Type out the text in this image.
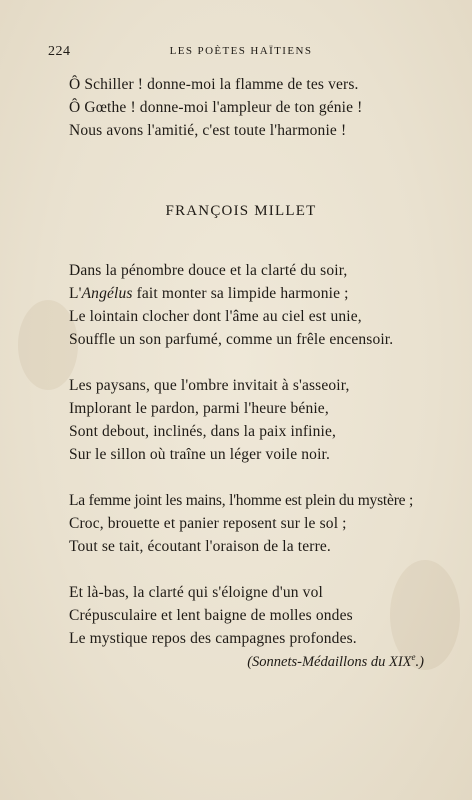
224	LES POÈTES HAÏTIENS
Ô Schiller ! donne-moi la flamme de tes vers.
Ô Gœthe ! donne-moi l'ampleur de ton génie !
Nous avons l'amitié, c'est toute l'harmonie !
FRANÇOIS MILLET
Dans la pénombre douce et la clarté du soir,
L'Angélus fait monter sa limpide harmonie ;
Le lointain clocher dont l'âme au ciel est unie,
Souffle un son parfumé, comme un frêle encensoir.
Les paysans, que l'ombre invitait à s'asseoir,
Implorant le pardon, parmi l'heure bénie,
Sont debout, inclinés, dans la paix infinie,
Sur le sillon où traîne un léger voile noir.
La femme joint les mains, l'homme est plein du mystère ;
Croc, brouette et panier reposent sur le sol ;
Tout se tait, écoutant l'oraison de la terre.
Et là-bas, la clarté qui s'éloigne d'un vol
Crépusculaire et lent baigne de molles ondes
Le mystique repos des campagnes profondes.
(Sonnets-Médaillons du XIXe.)
